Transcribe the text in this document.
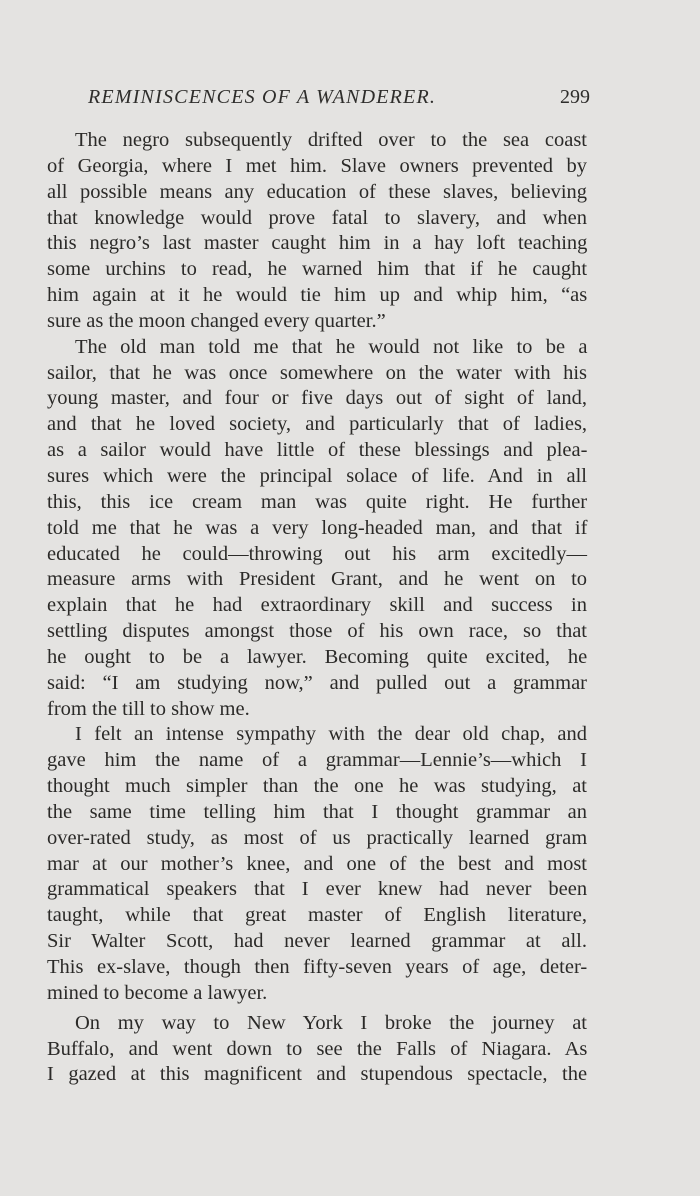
REMINISCENCES OF A WANDERER.	299

The negro subsequently drifted over to the sea coast
of Georgia, where I met him. Slave owners prevented by
all possible means any education of these slaves, believing
that knowledge would prove fatal to slavery, and when
this negro’s last master caught him in a hay loft teaching
some urchins to read, he warned him that if he caught
him again at it he would tie him up and whip him, “as
sure as the moon changed every quarter.”

The old man told me that he would not like to be a
sailor, that he was once somewhere on the water with his
young master, and four or five days out of sight of land,
and that he loved society, and particularly that of ladies,
as a sailor would have little of these blessings and plea-
sures which were the principal solace of life. And in all
this, this ice cream man was quite right. He further
told me that he was a very long-headed man, and that if
educated he could—throwing out his arm excitedly—
measure arms with President Grant, and he went on to
explain that he had extraordinary skill and success in
settling disputes amongst those of his own race, so that
he ought to be a lawyer. Becoming quite excited, he
said: “I am studying now,” and pulled out a grammar
from the till to show me.

I felt an intense sympathy with the dear old chap, and
gave him the name of a grammar—Lennie’s—which I
thought much simpler than the one he was studying, at
the same time telling him that I thought grammar an
over-rated study, as most of us practically learned gram
mar at our mother’s knee, and one of the best and most
grammatical speakers that I ever knew had never been
taught, while that great master of English literature,
Sir Walter Scott, had never learned grammar at all.
This ex-slave, though then fifty-seven years of age, deter-
mined to become a lawyer.

On my way to New York I broke the journey at
Buffalo, and went down to see the Falls of Niagara. As
I gazed at this magnificent and stupendous spectacle, the
